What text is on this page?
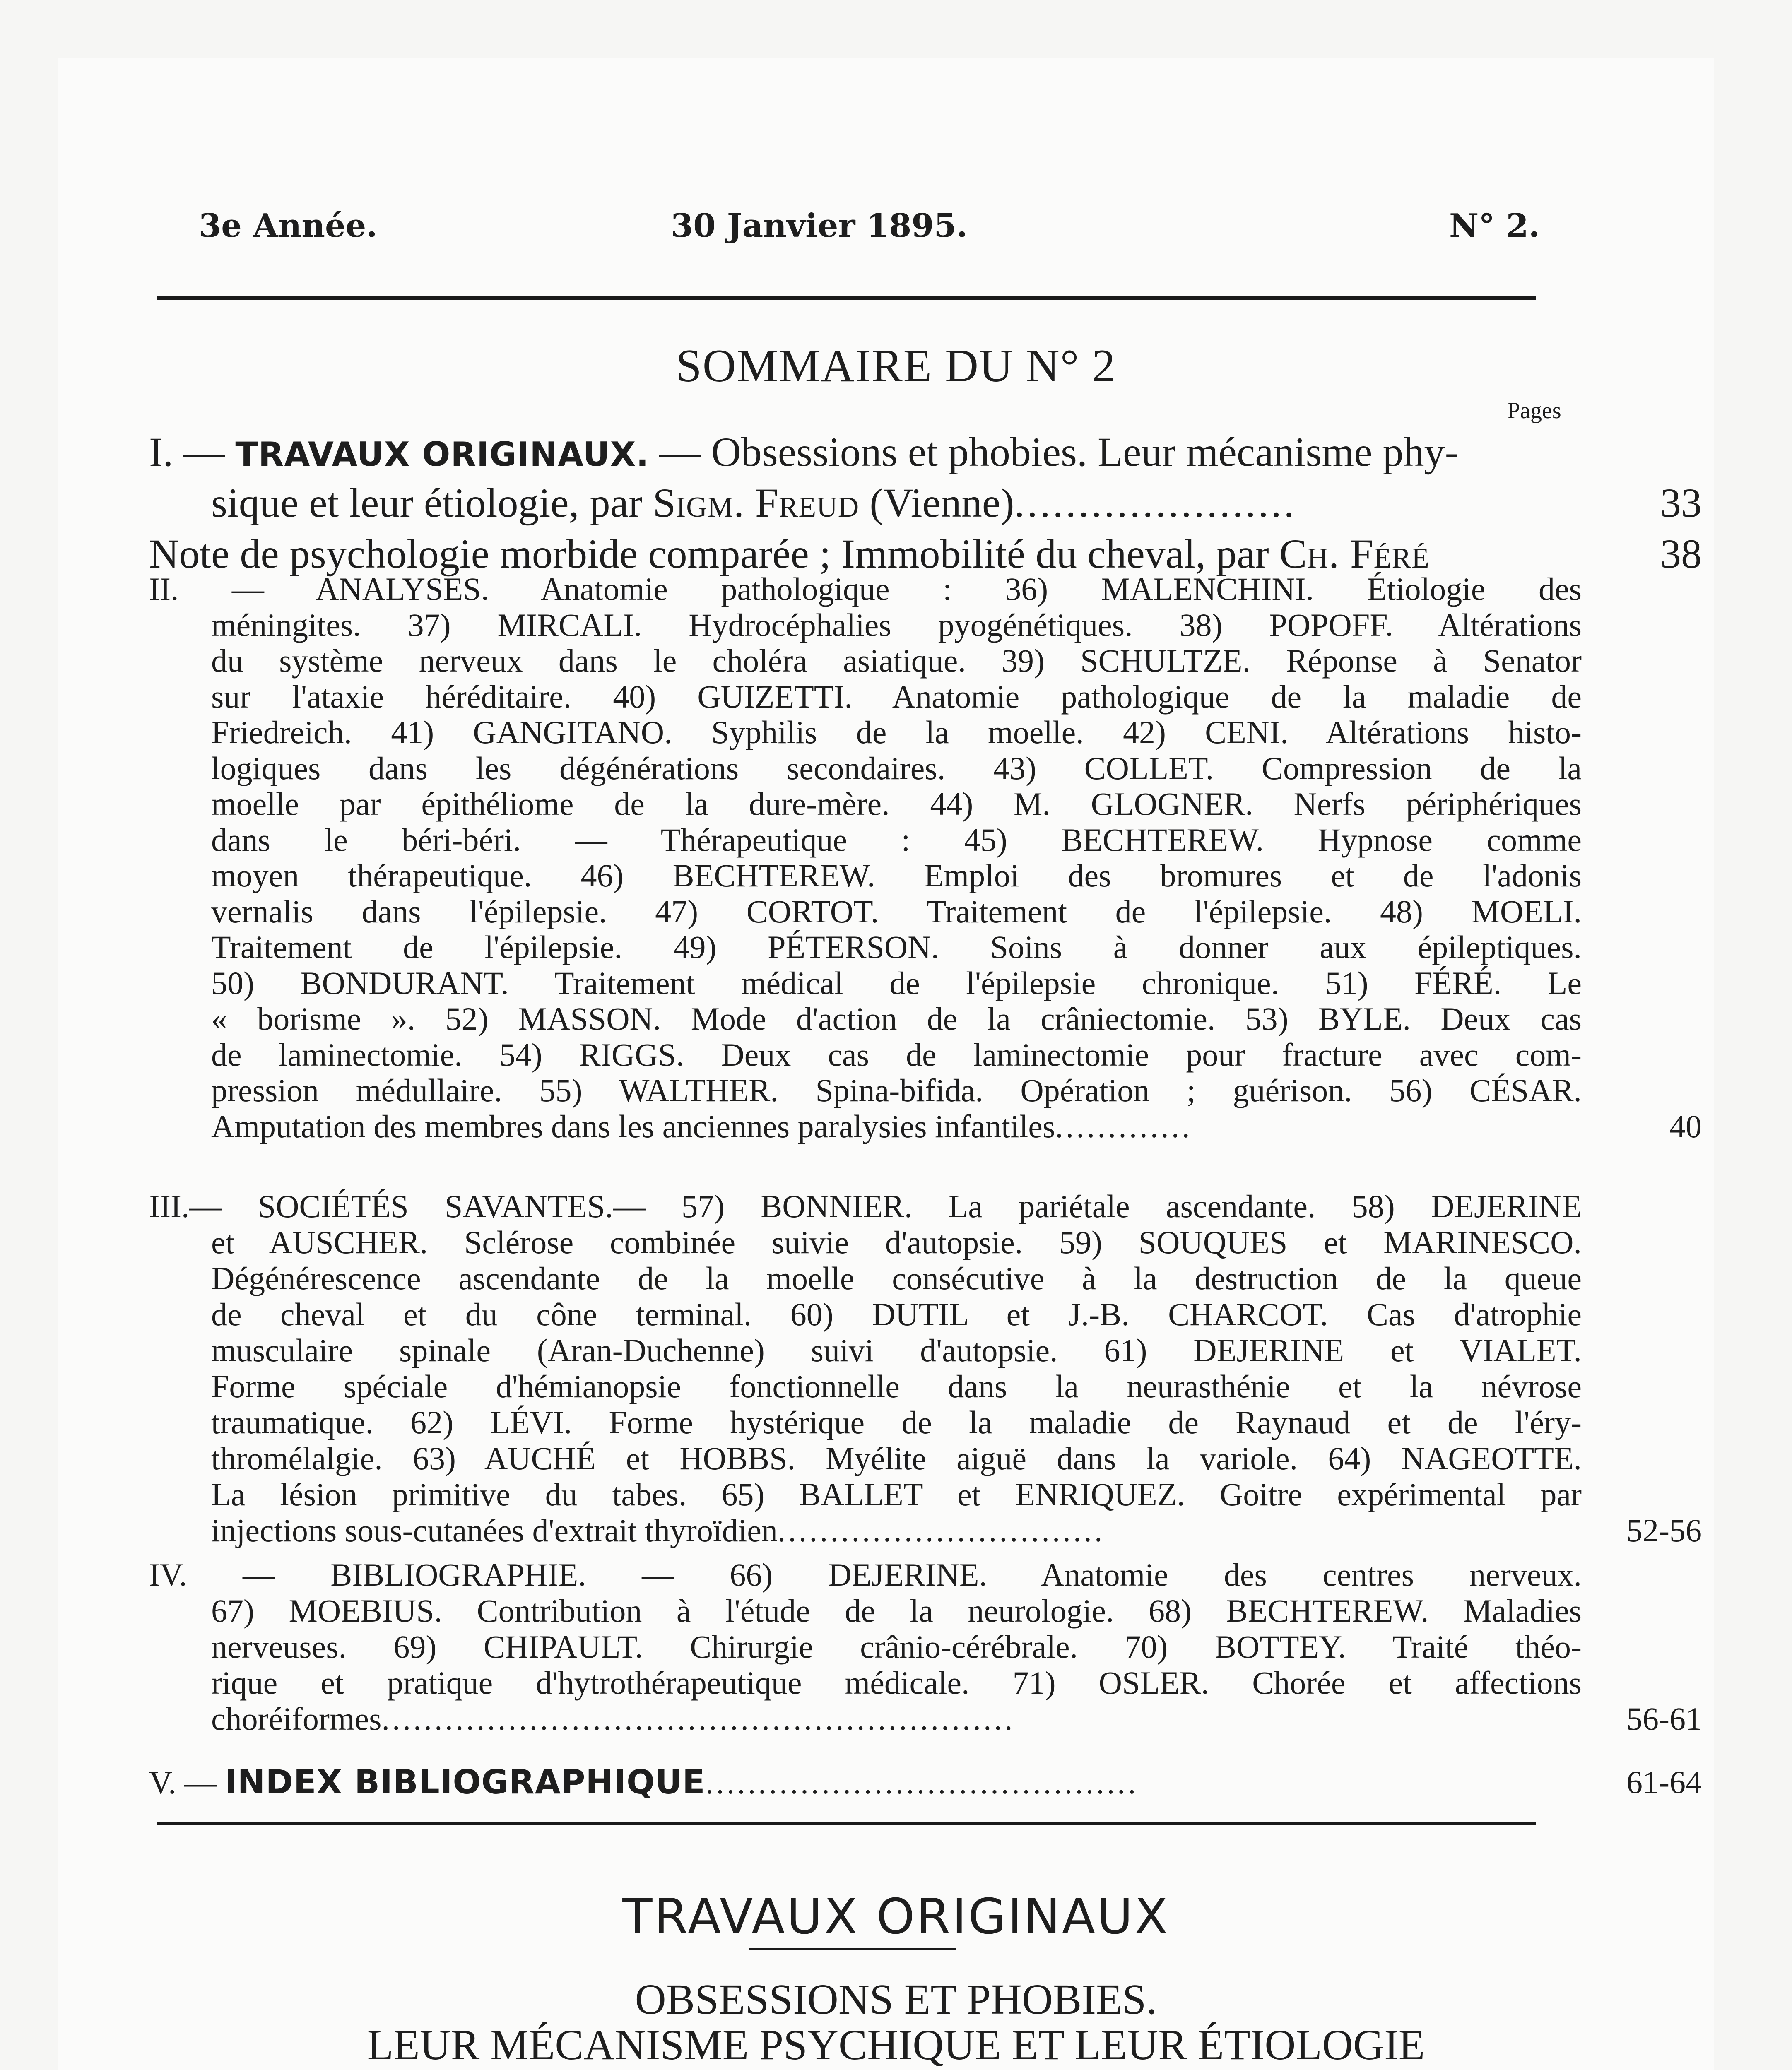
3e Année.	30 Janvier 1895.	N° 2.
SOMMAIRE DU N° 2
Pages
I. — TRAVAUX ORIGINAUX. — Obsessions et phobies. Leur mécanisme phy-
sique et leur étiologie, par Sigm. Freud (Vienne)......................	33
Note de psychologie morbide comparée ; Immobilité du cheval, par Ch. Féré	38
II. — ANALYSES. Anatomie pathologique : 36) MALENCHINI. Étiologie des
méningites. 37) MIRCALI. Hydrocéphalies pyogénétiques. 38) POPOFF. Altérations
du système nerveux dans le choléra asiatique. 39) SCHULTZE. Réponse à Senator
sur l'ataxie héréditaire. 40) GUIZETTI. Anatomie pathologique de la maladie de
Friedreich. 41) GANGITANO. Syphilis de la moelle. 42) CENI. Altérations histo-
logiques dans les dégénérations secondaires. 43) COLLET. Compression de la
moelle par épithéliome de la dure-mère. 44) M. GLOGNER. Nerfs périphériques
dans le béri-béri. — Thérapeutique : 45) BECHTEREW. Hypnose comme
moyen thérapeutique. 46) BECHTEREW. Emploi des bromures et de l'adonis
vernalis dans l'épilepsie. 47) CORTOT. Traitement de l'épilepsie. 48) MOELI.
Traitement de l'épilepsie. 49) PÉTERSON. Soins à donner aux épileptiques.
50) BONDURANT. Traitement médical de l'épilepsie chronique. 51) FÉRÉ. Le
« borisme ». 52) MASSON. Mode d'action de la crâniectomie. 53) BYLE. Deux cas
de laminectomie. 54) RIGGS. Deux cas de laminectomie pour fracture avec com-
pression médullaire. 55) WALTHER. Spina-bifida. Opération ; guérison. 56) CÉSAR.
Amputation des membres dans les anciennes paralysies infantiles.............	40
III.— SOCIÉTÉS SAVANTES.— 57) BONNIER. La pariétale ascendante. 58) DEJERINE
et AUSCHER. Sclérose combinée suivie d'autopsie. 59) SOUQUES et MARINESCO.
Dégénérescence ascendante de la moelle consécutive à la destruction de la queue
de cheval et du cône terminal. 60) DUTIL et J.-B. CHARCOT. Cas d'atrophie
musculaire spinale (Aran-Duchenne) suivi d'autopsie. 61) DEJERINE et VIALET.
Forme spéciale d'hémianopsie fonctionnelle dans la neurasthénie et la névrose
traumatique. 62) LÉVI. Forme hystérique de la maladie de Raynaud et de l'éry-
thromélalgie. 63) AUCHÉ et HOBBS. Myélite aiguë dans la variole. 64) NAGEOTTE.
La lésion primitive du tabes. 65) BALLET et ENRIQUEZ. Goitre expérimental par
injections sous-cutanées d'extrait thyroïdien...............................	52-56
IV. — BIBLIOGRAPHIE. — 66) DEJERINE. Anatomie des centres nerveux.
67) MOEBIUS. Contribution à l'étude de la neurologie. 68) BECHTEREW. Maladies
nerveuses. 69) CHIPAULT. Chirurgie crânio-cérébrale. 70) BOTTEY. Traité théo-
rique et pratique d'hytrothérapeutique médicale. 71) OSLER. Chorée et affections
choréiformes............................................................	56-61
V. — INDEX BIBLIOGRAPHIQUE.........................................	61-64
TRAVAUX ORIGINAUX
OBSESSIONS ET PHOBIES.
LEUR MÉCANISME PSYCHIQUE ET LEUR ÉTIOLOGIE
